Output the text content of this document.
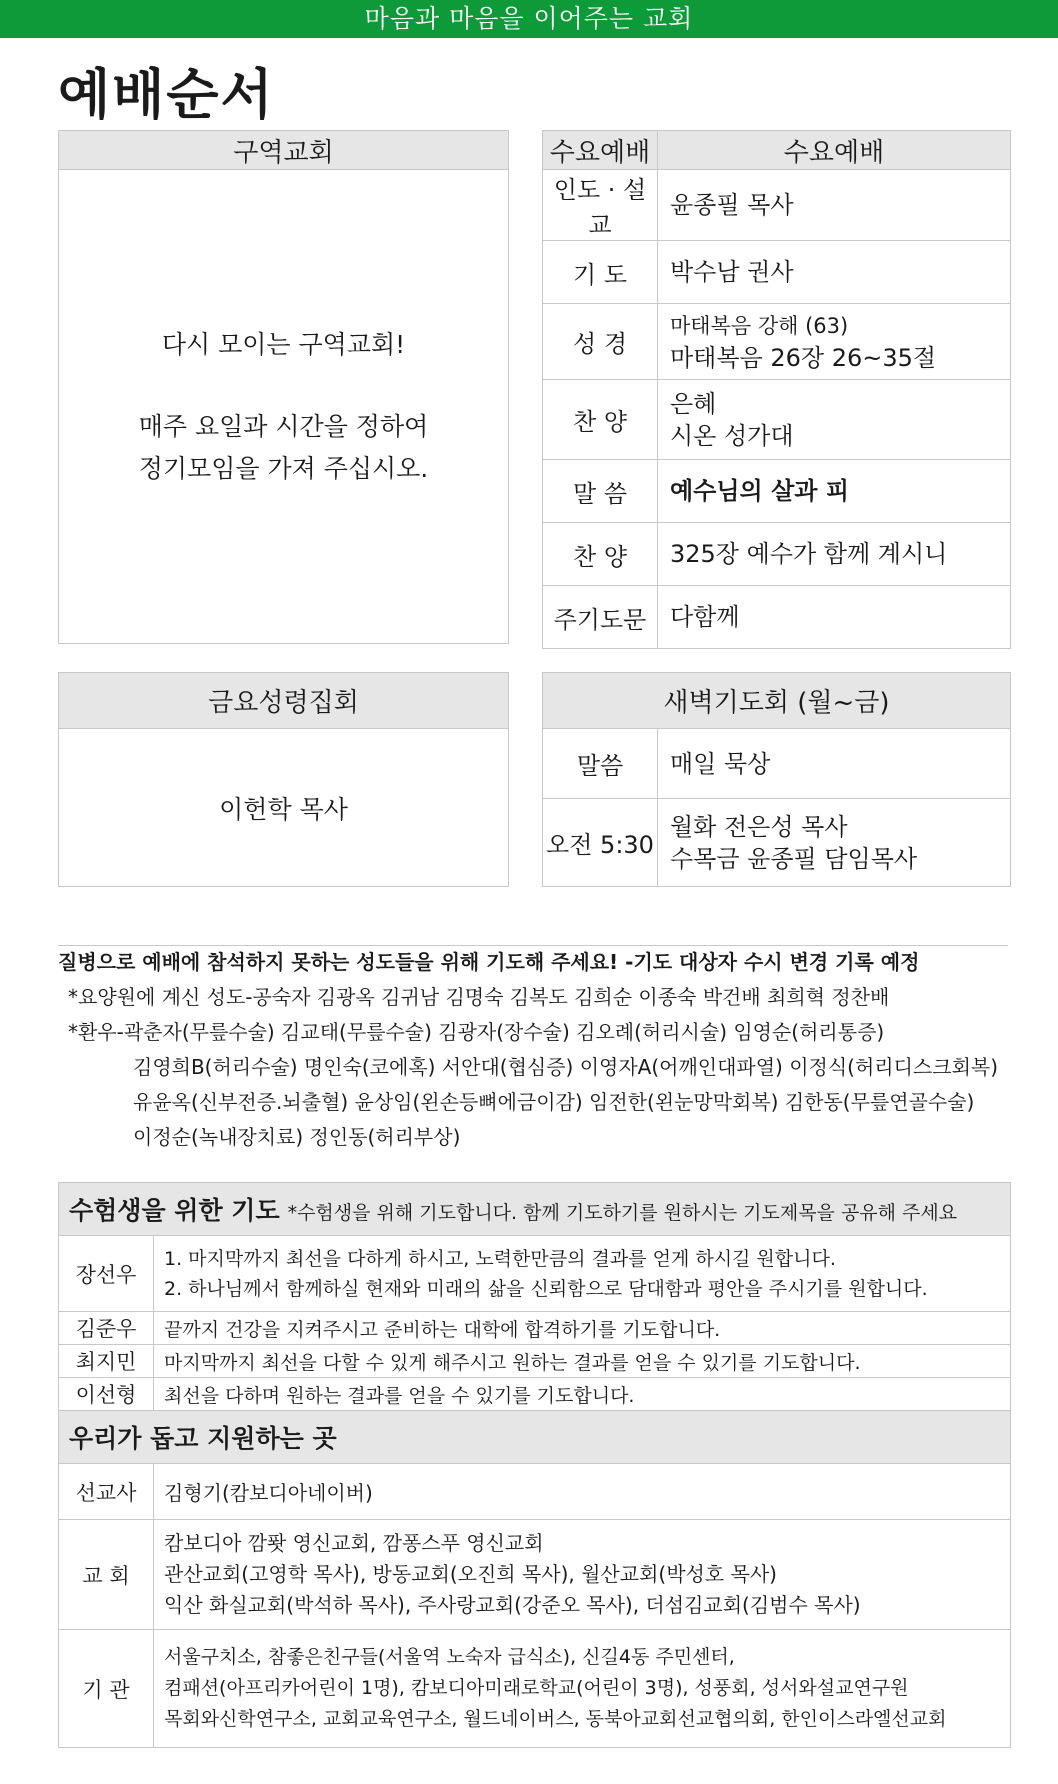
마음과 마음을 이어주는 교회
예배순서
구역교회

다시 모이는 구역교회!
매주 요일과 시간을 정하여
정기모임을 가져 주십시오.
수요예배	수요예배
인도 · 설교	윤종필 목사
기 도	박수남 권사
성 경	마태복음 강해 (63)
마태복음 26장 26~35절

찬 양	은혜
시온 성가대

말 씀	예수님의 살과 피
찬 양	325장 예수가 함께 계시니
주기도문	다함께
금요성령집회
이헌학 목사
새벽기도회 (월~금)	
말씀	매일 묵상
오전 5:30	월화 전은성 목사
수목금 윤종필 담임목사
질병으로 예배에 참석하지 못하는 성도들을 위해 기도해 주세요! -기도 대상자 수시 변경 기록 예정
*요양원에 계신 성도-공숙자 김광옥 김귀남 김명숙 김복도 김희순 이종숙 박건배 최희혁 정찬배
*환우-곽춘자(무릎수술) 김교태(무릎수술) 김광자(장수술) 김오례(허리시술) 임영순(허리통증)
김영희B(허리수술) 명인숙(코에혹) 서안대(협심증) 이영자A(어깨인대파열) 이정식(허리디스크회복)
유윤옥(신부전증.뇌출혈) 윤상임(왼손등뼈에금이감) 임전한(왼눈망막회복) 김한동(무릎연골수술)
이정순(녹내장치료) 정인동(허리부상)
수험생을 위한 기도 *수험생을 위해 기도합니다. 함께 기도하기를 원하시는 기도제목을 공유해 주세요	
장선우	1. 마지막까지 최선을 다하게 하시고, 노력한만큼의 결과를 얻게 하시길 원합니다.
2. 하나님께서 함께하실 현재와 미래의 삶을 신뢰함으로 담대함과 평안을 주시기를 원합니다.

김준우	끝까지 건강을 지켜주시고 준비하는 대학에 합격하기를 기도합니다.
최지민	마지막까지 최선을 다할 수 있게 해주시고 원하는 결과를 얻을 수 있기를 기도합니다.
이선형	최선을 다하며 원하는 결과를 얻을 수 있기를 기도합니다.
우리가 돕고 지원하는 곳	
선교사	김형기(캄보디아네이버)
교 회	캄보디아 깜퐛 영신교회, 깜퐁스푸 영신교회
관산교회(고영학 목사), 방동교회(오진희 목사), 월산교회(박성호 목사)
익산 화실교회(박석하 목사), 주사랑교회(강준오 목사), 더섬김교회(김범수 목사)

기 관	서울구치소, 참좋은친구들(서울역 노숙자 급식소), 신길4동 주민센터,
컴패션(아프리카어린이 1명), 캄보디아미래로학교(어린이 3명), 성풍회, 성서와설교연구원
목회와신학연구소, 교회교육연구소, 월드네이버스, 동북아교회선교협의회, 한인이스라엘선교회
